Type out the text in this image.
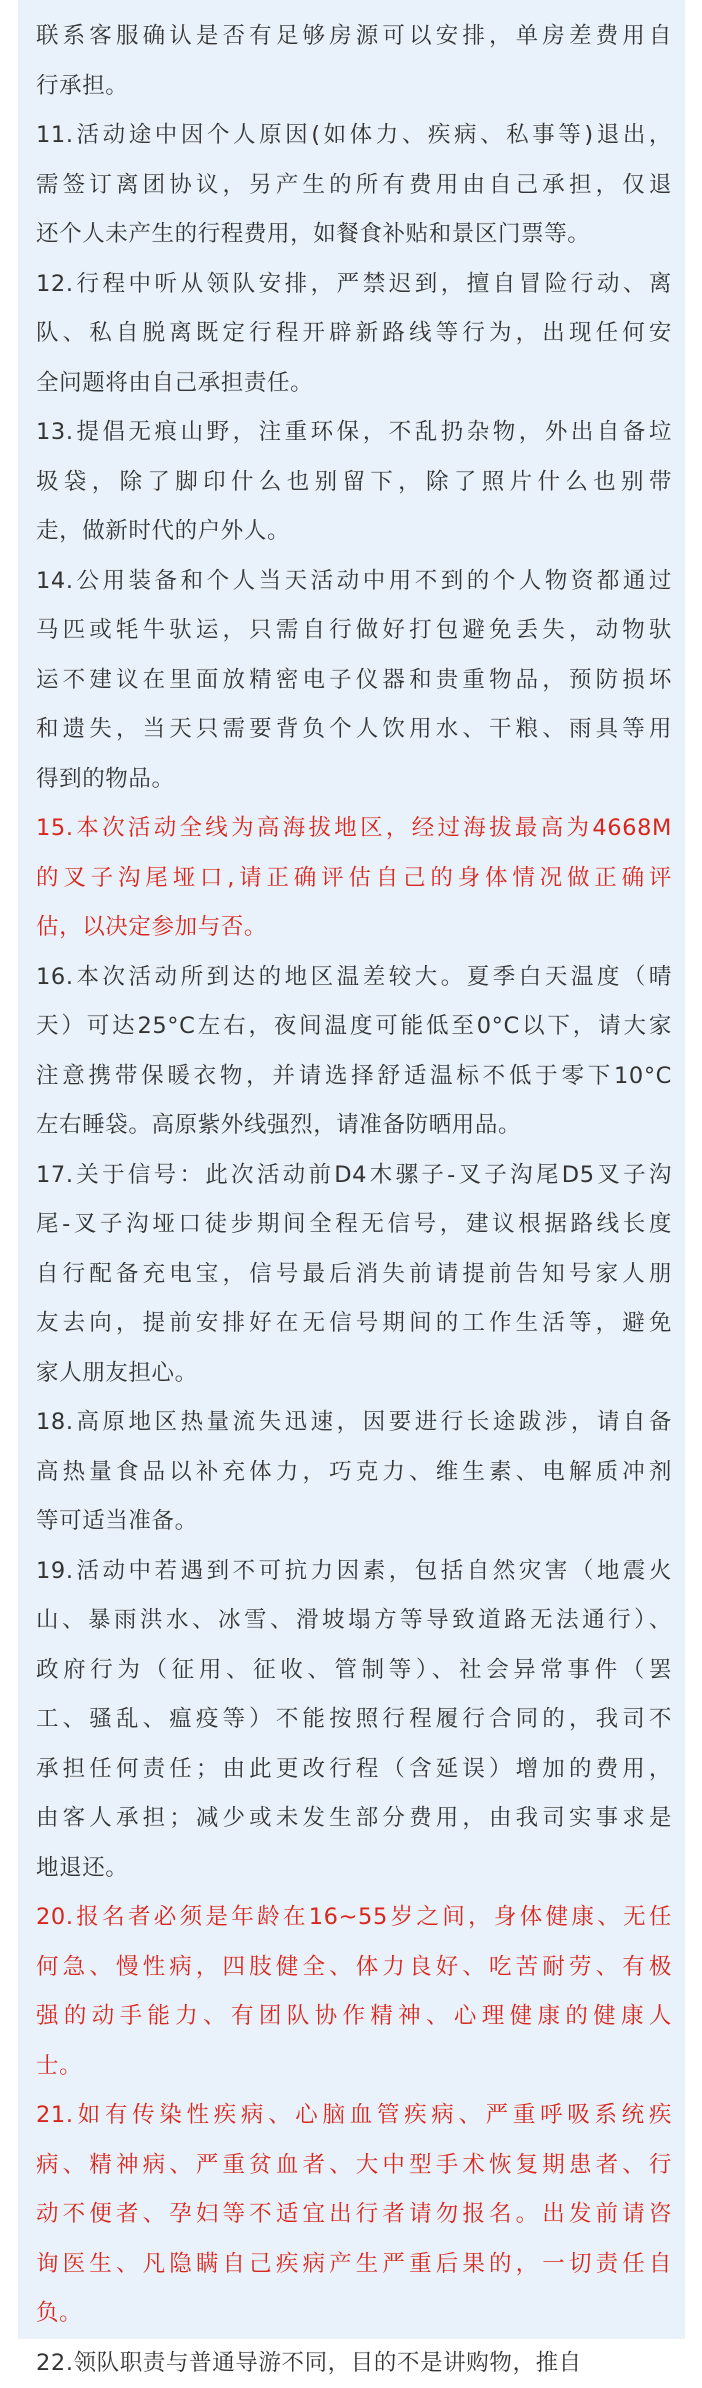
联系客服确认是否有足够房源可以安排，单房差费用自
行承担。
11.活动途中因个人原因(如体力、疾病、私事等)退出，
需签订离团协议，另产生的所有费用由自己承担，仅退
还个人未产生的行程费用，如餐食补贴和景区门票等。
12.行程中听从领队安排，严禁迟到，擅自冒险行动、离
队、私自脱离既定行程开辟新路线等行为，出现任何安
全问题将由自己承担责任。
13.提倡无痕山野，注重环保，不乱扔杂物，外出自备垃
圾袋，除了脚印什么也别留下，除了照片什么也别带
走，做新时代的户外人。
14.公用装备和个人当天活动中用不到的个人物资都通过
马匹或牦牛驮运，只需自行做好打包避免丢失，动物驮
运不建议在里面放精密电子仪器和贵重物品，预防损坏
和遗失，当天只需要背负个人饮用水、干粮、雨具等用
得到的物品。
15.本次活动全线为高海拔地区，经过海拔最高为4668M
的叉子沟尾垭口,请正确评估自己的身体情况做正确评
估，以决定参加与否。
16.本次活动所到达的地区温差较大。夏季白天温度（晴
天）可达25°C左右，夜间温度可能低至0°C以下，请大家
注意携带保暖衣物，并请选择舒适温标不低于零下10°C
左右睡袋。高原紫外线强烈，请准备防晒用品。
17.关于信号：此次活动前D4木骡子-叉子沟尾D5叉子沟
尾-叉子沟垭口徒步期间全程无信号，建议根据路线长度
自行配备充电宝，信号最后消失前请提前告知号家人朋
友去向，提前安排好在无信号期间的工作生活等，避免
家人朋友担心。
18.高原地区热量流失迅速，因要进行长途跋涉，请自备
高热量食品以补充体力，巧克力、维生素、电解质冲剂
等可适当准备。
19.活动中若遇到不可抗力因素，包括自然灾害（地震火
山、暴雨洪水、冰雪、滑坡塌方等导致道路无法通行）、
政府行为（征用、征收、管制等）、社会异常事件（罢
工、骚乱、瘟疫等）不能按照行程履行合同的，我司不
承担任何责任；由此更改行程（含延误）增加的费用，
由客人承担；减少或未发生部分费用，由我司实事求是
地退还。
20.报名者必须是年龄在16~55岁之间，身体健康、无任
何急、慢性病，四肢健全、体力良好、吃苦耐劳、有极
强的动手能力、有团队协作精神、心理健康的健康人
士。
21.如有传染性疾病、心脑血管疾病、严重呼吸系统疾
病、精神病、严重贫血者、大中型手术恢复期患者、行
动不便者、孕妇等不适宜出行者请勿报名。出发前请咨
询医生、凡隐瞒自己疾病产生严重后果的，一切责任自
负。
22.领队职责与普通导游不同，目的不是讲购物，推自
